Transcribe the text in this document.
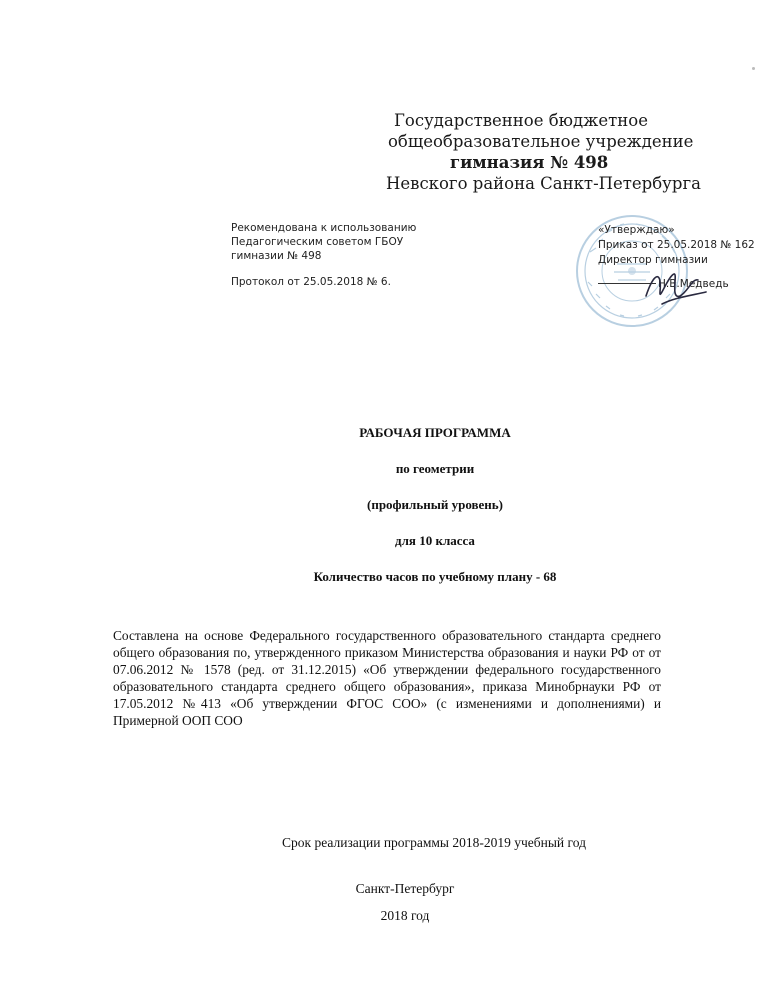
Государственное бюджетное
общеобразовательное учреждение
гимназия № 498
Невского района Санкт-Петербурга
Рекомендована к использованию
Педагогическим советом ГБОУ
гимназии № 498
Протокол от 25.05.2018 № 6.
«Утверждаю»
Приказ от 25.05.2018 № 162
Директор гимназии
Н.В.Медведь
РАБОЧАЯ ПРОГРАММА
по геометрии
(профильный уровень)
для 10 класса
Количество часов по учебному плану - 68
Составлена на основе Федерального государственного образовательного стандарта среднего общего образования по, утвержденного приказом Министерства образования и науки РФ от от 07.06.2012 № 1578 (ред. от 31.12.2015) «Об утверждении федерального государственного образовательного стандарта среднего общего образования», приказа Минобрнауки РФ от 17.05.2012 №413 «Об утверждении ФГОС СОО» (с изменениями и дополнениями) и Примерной ООП СОО
Срок реализации программы 2018-2019 учебный год
Санкт-Петербург
2018 год
